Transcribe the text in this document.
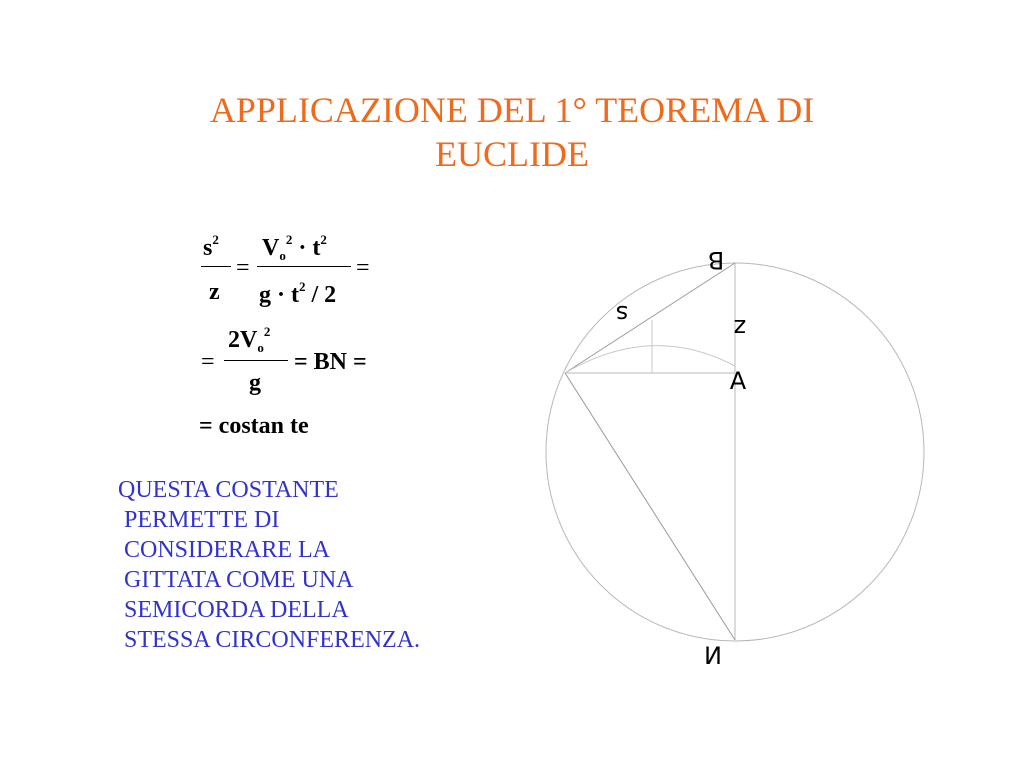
APPLICAZIONE DEL 1° TEOREMA DI
EUCLIDE
$s^2$
z
=
$V_o^2 \cdot t^2$
$g \cdot t^2 / 2$
=
=
$2V_o^2$
g
= BN =
= costan te
QUESTA COSTANTE PERMETTE DI CONSIDERARE LA GITTATA COME UNA SEMICORDA DELLA STESSA CIRCONFERENZA.
B
s	z
A
N
